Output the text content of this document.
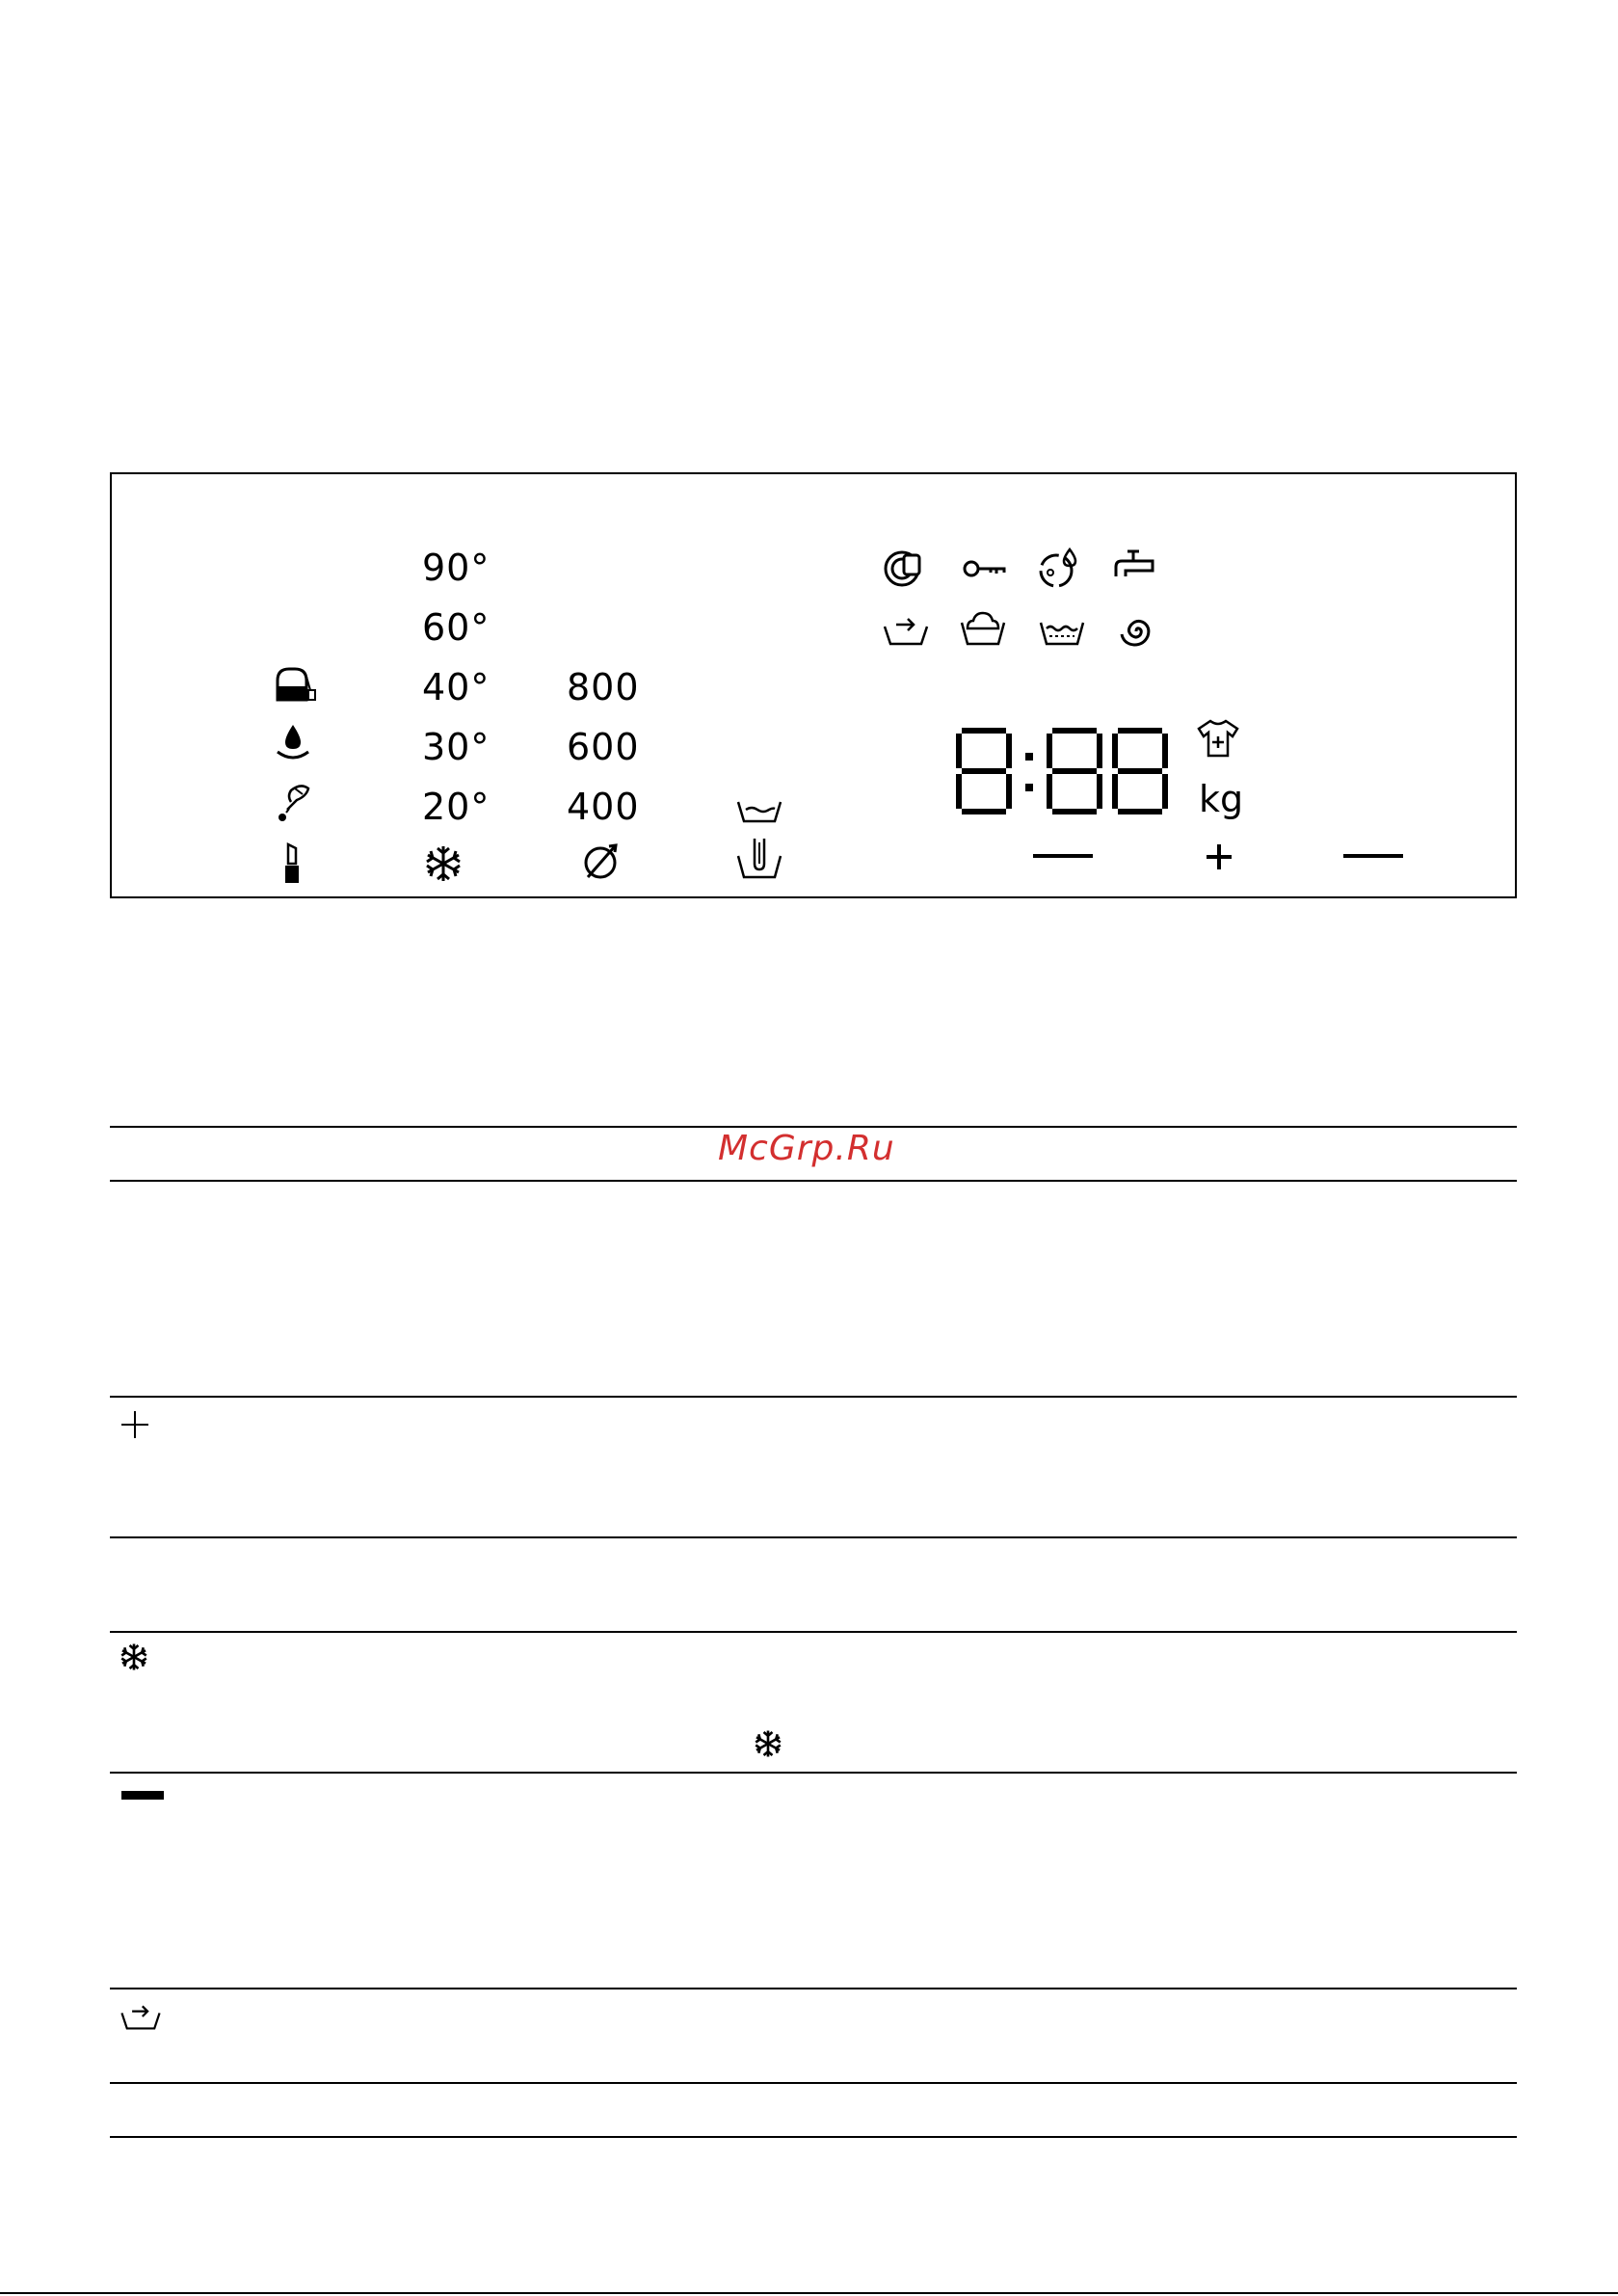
90°
60°
40°
30°
20°
800
600
400	kg
McGrp.Ru
